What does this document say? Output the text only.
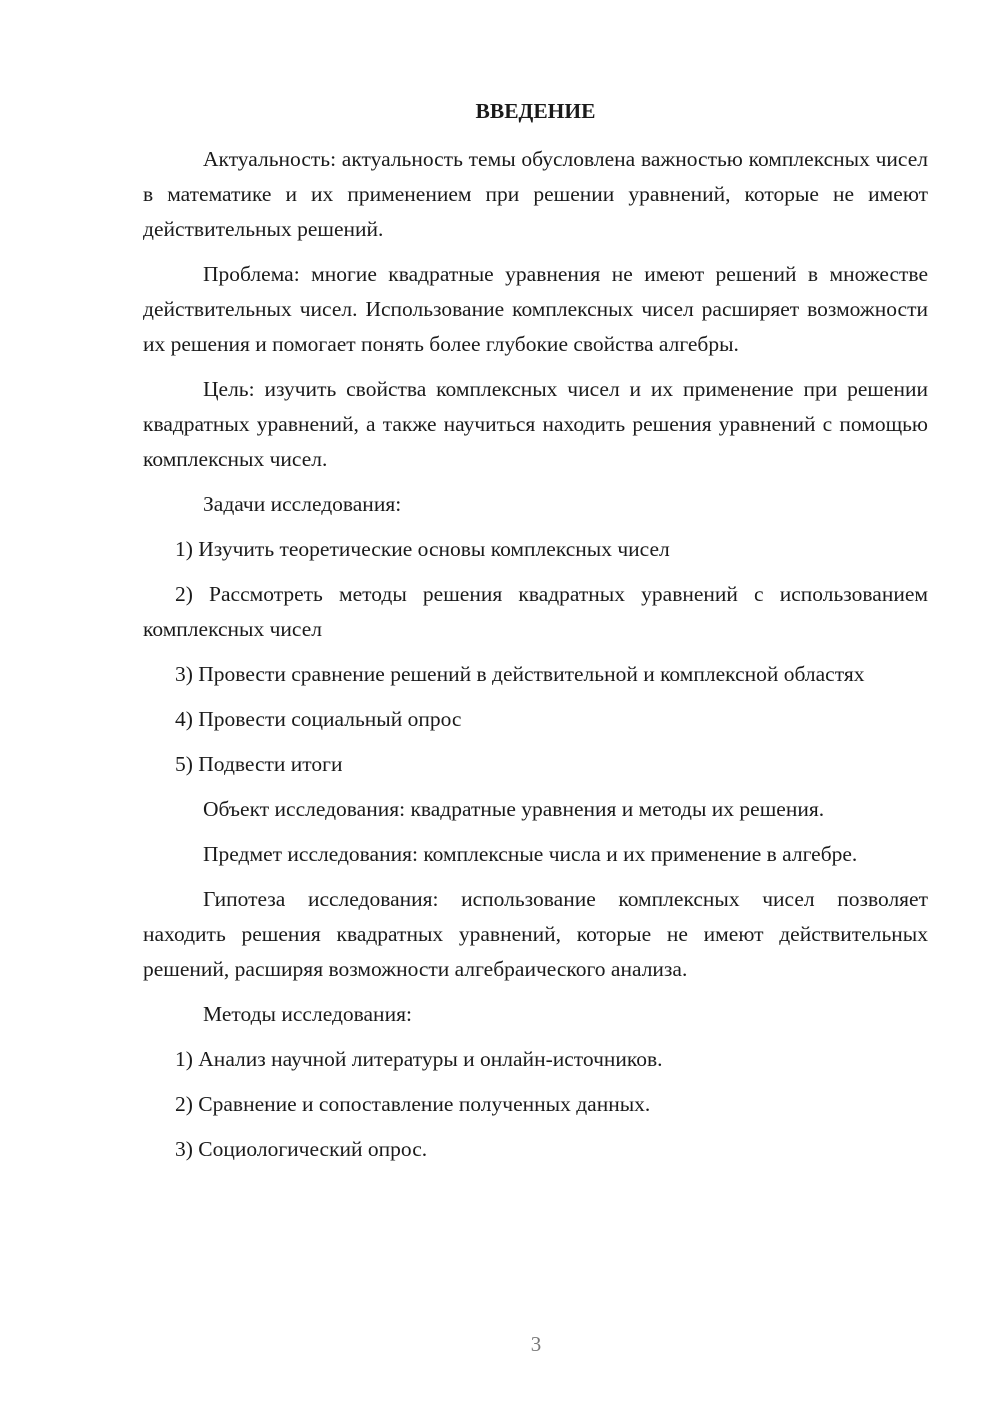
ВВЕДЕНИЕ

Актуальность: актуальность темы обусловлена важностью комплексных чисел в математике и их применением при решении уравнений, которые не имеют действительных решений.

Проблема: многие квадратные уравнения не имеют решений в множестве действительных чисел. Использование комплексных чисел расширяет возможности их решения и помогает понять более глубокие свойства алгебры.

Цель: изучить свойства комплексных чисел и их применение при решении квадратных уравнений, а также научиться находить решения уравнений с помощью комплексных чисел.

Задачи исследования:

1) Изучить теоретические основы комплексных чисел

2) Рассмотреть методы решения квадратных уравнений с использованием комплексных чисел

3) Провести сравнение решений в действительной и комплексной областях

4) Провести социальный опрос

5) Подвести итоги

Объект исследования: квадратные уравнения и методы их решения.

Предмет исследования: комплексные числа и их применение в алгебре.

Гипотеза исследования: использование комплексных чисел позволяет находить решения квадратных уравнений, которые не имеют действительных решений, расширяя возможности алгебраического анализа.

Методы исследования:

1) Анализ научной литературы и онлайн-источников.

2) Сравнение и сопоставление полученных данных.

3) Социологический опрос.

3
